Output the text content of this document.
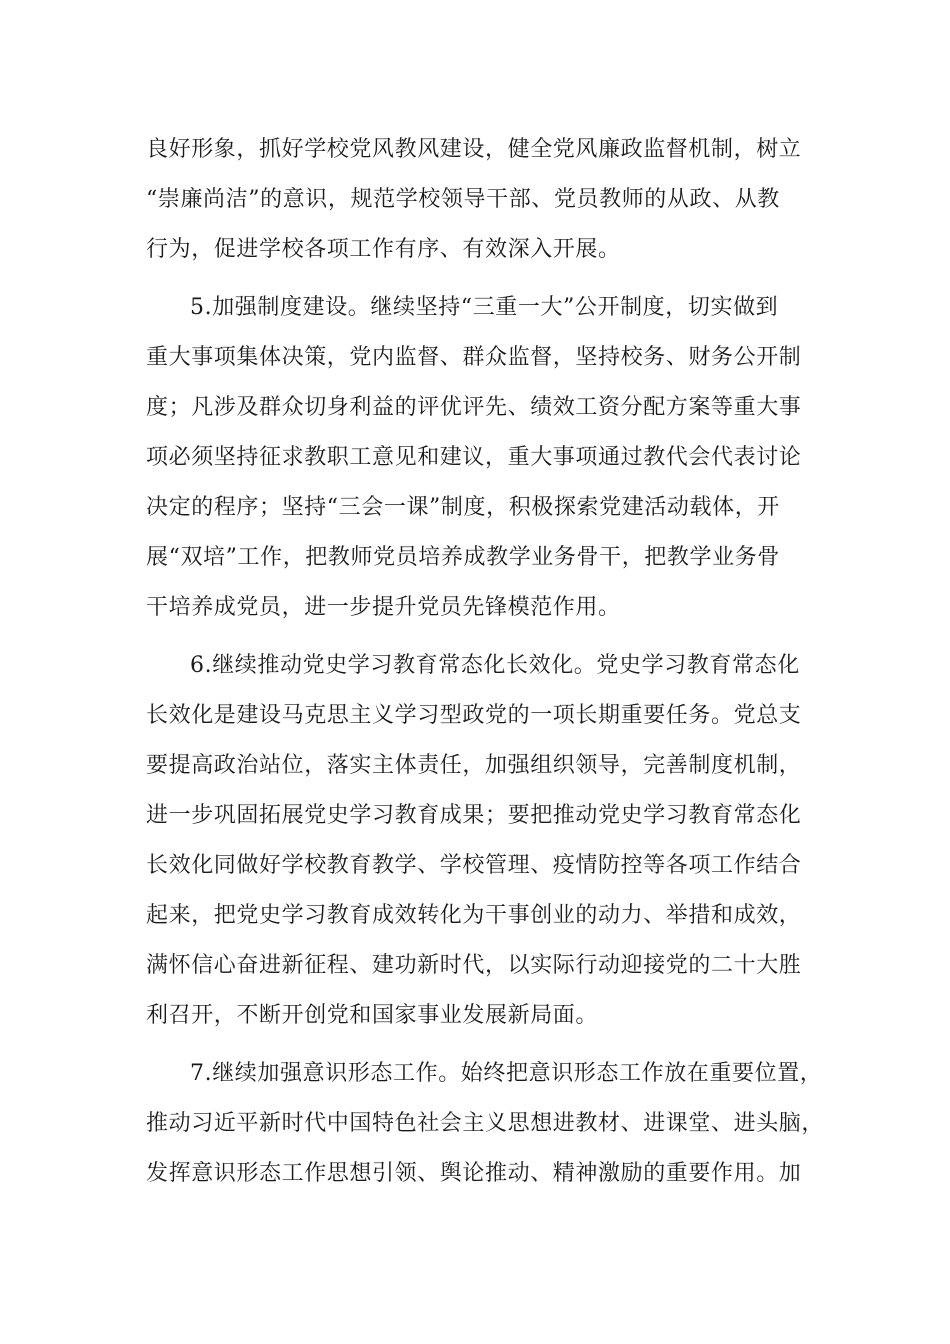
良好形象，抓好学校党风教风建设，健全党风廉政监督机制，树立
“崇廉尚洁”的意识，规范学校领导干部、党员教师的从政、从教
行为，促进学校各项工作有序、有效深入开展。
5.加强制度建设。继续坚持“三重一大”公开制度，切实做到
重大事项集体决策，党内监督、群众监督，坚持校务、财务公开制
度；凡涉及群众切身利益的评优评先、绩效工资分配方案等重大事
项必须坚持征求教职工意见和建议，重大事项通过教代会代表讨论
决定的程序；坚持“三会一课”制度，积极探索党建活动载体，开
展“双培”工作，把教师党员培养成教学业务骨干，把教学业务骨
干培养成党员，进一步提升党员先锋模范作用。
6.继续推动党史学习教育常态化长效化。党史学习教育常态化
长效化是建设马克思主义学习型政党的一项长期重要任务。党总支
要提高政治站位，落实主体责任，加强组织领导，完善制度机制，
进一步巩固拓展党史学习教育成果；要把推动党史学习教育常态化
长效化同做好学校教育教学、学校管理、疫情防控等各项工作结合
起来，把党史学习教育成效转化为干事创业的动力、举措和成效，
满怀信心奋进新征程、建功新时代，以实际行动迎接党的二十大胜
利召开，不断开创党和国家事业发展新局面。
7.继续加强意识形态工作。始终把意识形态工作放在重要位置，
推动习近平新时代中国特色社会主义思想进教材、进课堂、进头脑，
发挥意识形态工作思想引领、舆论推动、精神激励的重要作用。加
